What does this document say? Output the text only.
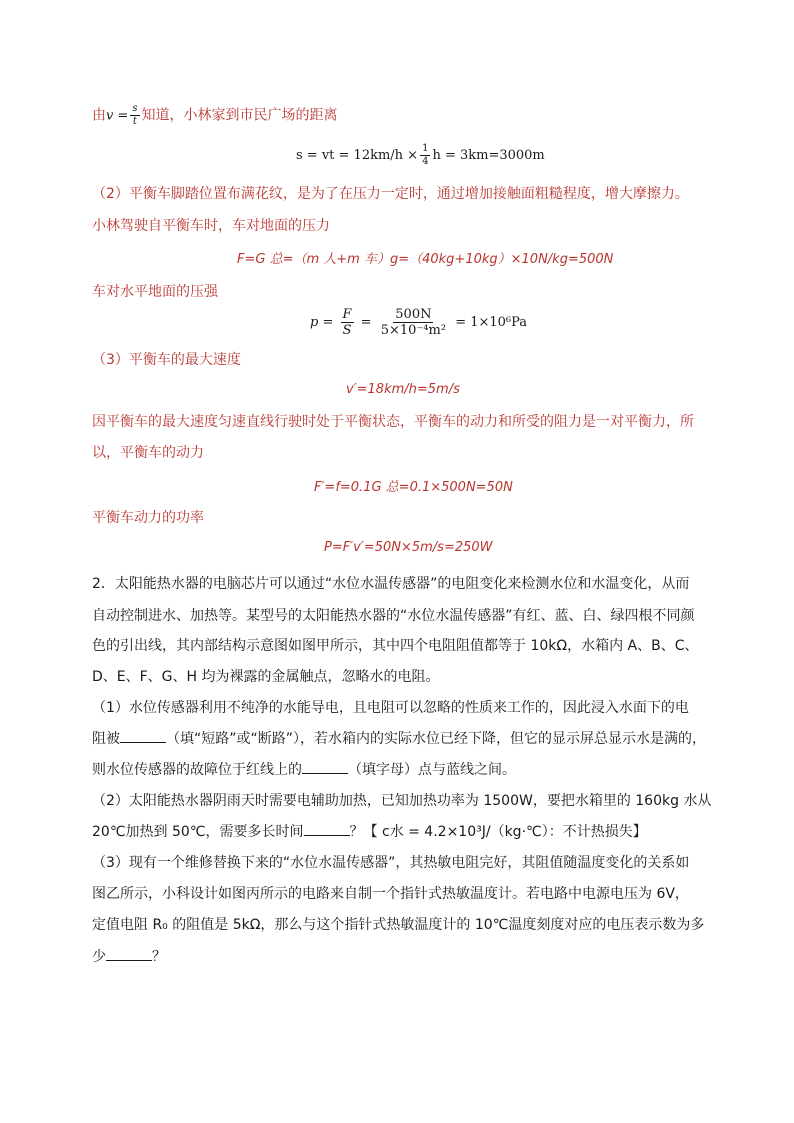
由$v = \frac{s}{t}$ 知道，小林家到市民广场的距离
s = vt = $12km/h \times \frac{1}{4}$ h = 3km=3000m
（2）平衡车脚踏位置布满花纹，是为了在压力一定时，通过增加接触面粗糙程度，增大摩擦力。
小林驾驶自平衡车时，车对地面的压力
F=G 总=（m 人+m 车）g=（40kg+10kg）×10N/kg=500N
车对水平地面的压强
$p = \frac{F}{S} = \frac{500N}{\text{5×10⁻⁴m²}} = 1\times 10^6Pa$
（3）平衡车的最大速度
v′=18km/h=5m/s
因平衡车的最大速度匀速直线行驶时处于平衡状态，平衡车的动力和所受的阻力是一对平衡力，所
以，平衡车的动力
F′=f=0.1G 总=0.1×500N=50N
平衡车动力的功率
P=F′v′=50N×5m/s=250W
2．太阳能热水器的电脑芯片可以通过“水位水温传感器”的电阻变化来检测水位和水温变化，从而
自动控制进水、加热等。某型号的太阳能热水器的“水位水温传感器”有红、蓝、白、绿四根不同颜
色的引出线，其内部结构示意图如图甲所示，其中四个电阻阻值都等于 10kΩ，水箱内 A、B、C、
D、E、F、G、H 均为裸露的金属触点，忽略水的电阻。
（1）水位传感器利用不纯净的水能导电，且电阻可以忽略的性质来工作的，因此浸入水面下的电
阻被	（填“短路”或“断路”），若水箱内的实际水位已经下降，但它的显示屏总显示水是满的，
则水位传感器的故障位于红线上的	（填字母）点与蓝线之间。
（2）太阳能热水器阴雨天时需要电辅助加热，已知加热功率为 1500W，要把水箱里的 160kg 水从
20℃加热到 50℃，需要多长时间	？【 c水 = 4.2×10³J/（kg·℃）：不计热损失】
（3）现有一个维修替换下来的“水位水温传感器”，其热敏电阻完好，其阻值随温度变化的关系如
图乙所示，小科设计如图丙所示的电路来自制一个指针式热敏温度计。若电路中电源电压为 6V，
定值电阻 R₀ 的阻值是 5kΩ，那么与这个指针式热敏温度计的 10℃温度刻度对应的电压表示数为多
少	？
